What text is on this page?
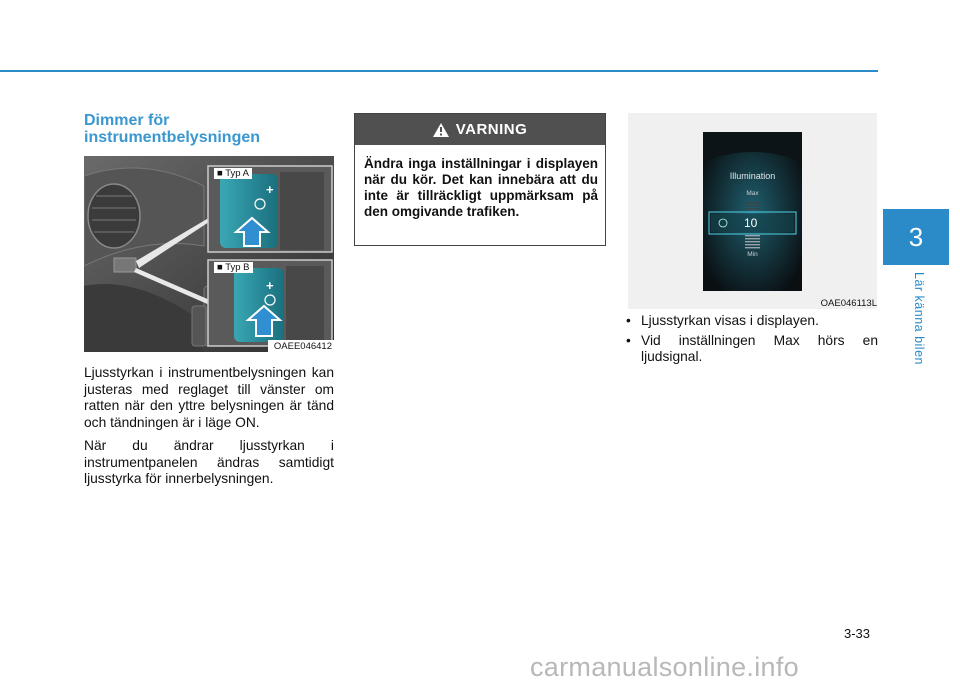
3
Lär känna bilen
Dimmer för
instrumentbelysningen
■ Typ A
■ Typ B
+
+
OAEE046412

Ljusstyrkan i instrumentbelysningen kan justeras med reglaget till vänster om ratten när den yttre belysningen är tänd och tändningen är i läge ON.

När du ändrar ljusstyrkan i instrumentpanelen ändras samtidigt ljusstyrka för innerbelysningen.

VARNING
Ändra inga inställningar i displayen när du kör. Det kan innebära att du inte är tillräckligt uppmärksam på den omgivande trafiken.
Illumination
Max
10
Min
OAE046113L
• Ljusstyrkan visas i displayen.
• Vid inställningen Max hörs en ljudsignal.
3-33
carmanualsonline.info
